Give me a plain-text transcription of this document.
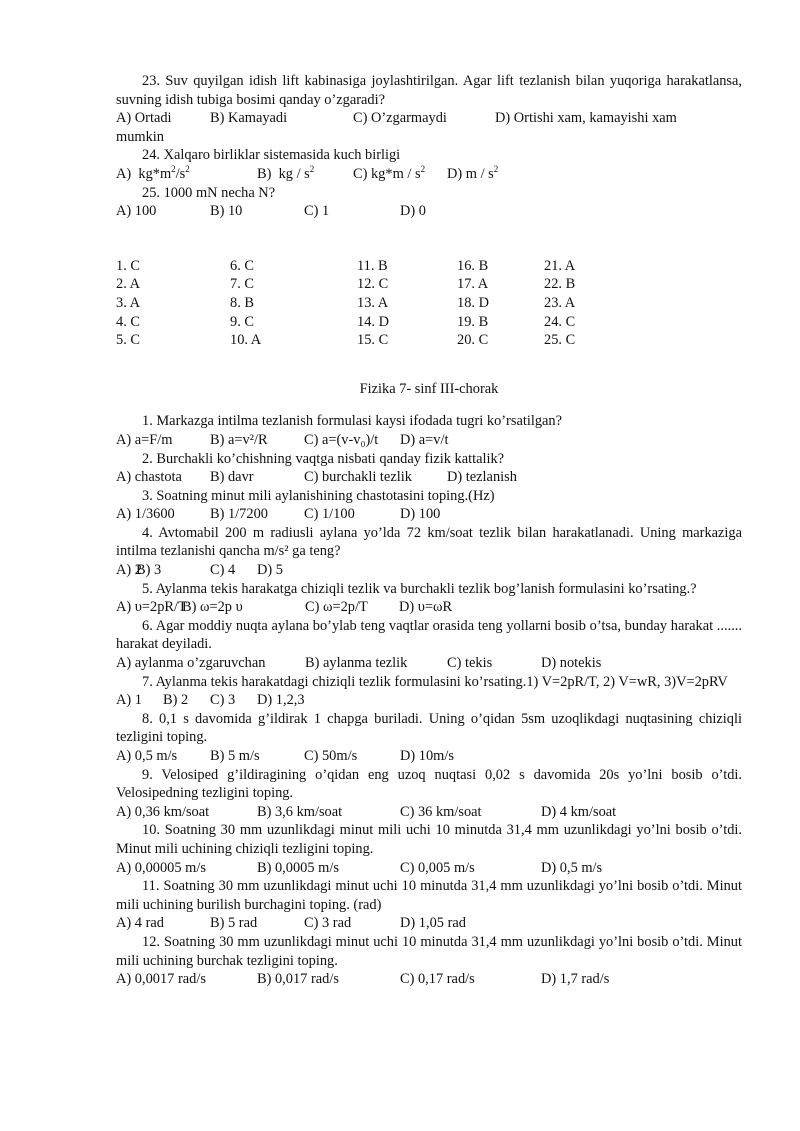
23. Suv quyilgan idish lift kabinasiga joylashtirilgan. Agar lift tezlanish bilan yuqoriga harakatlansa, suvning idish tubiga bosimi qanday o’zgaradi?
A) Ortadi	B) Kamayadi	C) O’zgarmaydi	D) Ortishi xam, kamayishi xam
mumkin
24. Xalqaro birliklar sistemasida kuch birligi
A)  $kg*m^2/s^2$	B)  kg / $s^2$	C) $kg*m / s^2$ D) m / $s^2$
25. 1000 mN necha N?
A) 100	B) 10	C) 1	D) 0
1. C	6. C	11. B	16. B	21. A
2. A	7. C	12. C	17. A	22. B
3. A	8. B	13. A	18. D	23. A
4. C	9. C	14. D	19. B	24. C
5. C	10. A	15. C	20. C	25. C
Fizika 7- sinf III-chorak
1. Markazga intilma tezlanish formulasi kaysi ifodada tugri ko’rsatilgan?
A) a=F/m	B) a=v²/R	C) a=(v-v₀)/t D) a=v/t
2. Burchakli ko’chishning vaqtga nisbati qanday fizik kattalik?
A) chastota B) davr	C) burchakli tezlik D) tezlanish
3. Soatning minut mili aylanishining chastotasini toping.(Hz)
A) 1/3600 B) 1/7200	C) 1/100	D) 100
4. Avtomabil 200 m radiusli aylana yo’lda 72 km/soat tezlik bilan harakatlanadi. Uning markaziga intilma tezlanishi qancha m/s² ga teng?
A) 2
B) 3	C) 4 D) 5
5. Aylanma tekis harakatga chiziqli tezlik va burchakli tezlik bog’lanish formulasini ko’rsating.?
A) υ=2pR/T
B) ω=2p υ	C) ω=2p/T D) υ=ωR
6. Agar moddiy nuqta aylana bo’ylab teng vaqtlar orasida teng yollarni bosib o’tsa, bunday harakat ....... harakat deyiladi.
A) aylanma o’zgaruvchan	B) aylanma tezlik	C) tekis	D) notekis
7. Aylanma tekis harakatdagi chiziqli tezlik formulasini ko’rsating.1) V=2pR/T, 2) V=wR, 3)V=2pRV
A) 1 B) 2 C) 3 D) 1,2,3
8. 0,1 s davomida g’ildirak 1 chapga buriladi. Uning o’qidan 5sm uzoqlikdagi nuqtasining chiziqli tezligini toping.
A) 0,5 m/s B) 5 m/s	C) 50m/s	D) 10m/s
9. Velosiped g’ildiragining o’qidan eng uzoq nuqtasi 0,02 s davomida 20s yo’lni bosib o’tdi. Velosipedning tezligini toping.
A) 0,36 km/soat	B) 3,6 km/soat	C) 36 km/soat	D) 4 km/soat
10. Soatning 30 mm uzunlikdagi minut mili uchi 10 minutda 31,4 mm uzunlikdagi yo’lni bosib o’tdi. Minut mili uchining chiziqli tezligini toping.
A) 0,00005 m/s	B) 0,0005 m/s	C) 0,005 m/s	D) 0,5 m/s
11. Soatning 30 mm uzunlikdagi minut uchi 10 minutda 31,4 mm uzunlikdagi yo’lni bosib o’tdi. Minut mili uchining burilish burchagini toping. (rad)
A) 4 rad	B) 5 rad	C) 3 rad	D) 1,05 rad
12. Soatning 30 mm uzunlikdagi minut uchi 10 minutda 31,4 mm uzunlikdagi yo’lni bosib o’tdi. Minut mili uchining burchak tezligini toping.
A) 0,0017 rad/s	B) 0,017 rad/s	C) 0,17 rad/s	D) 1,7 rad/s
